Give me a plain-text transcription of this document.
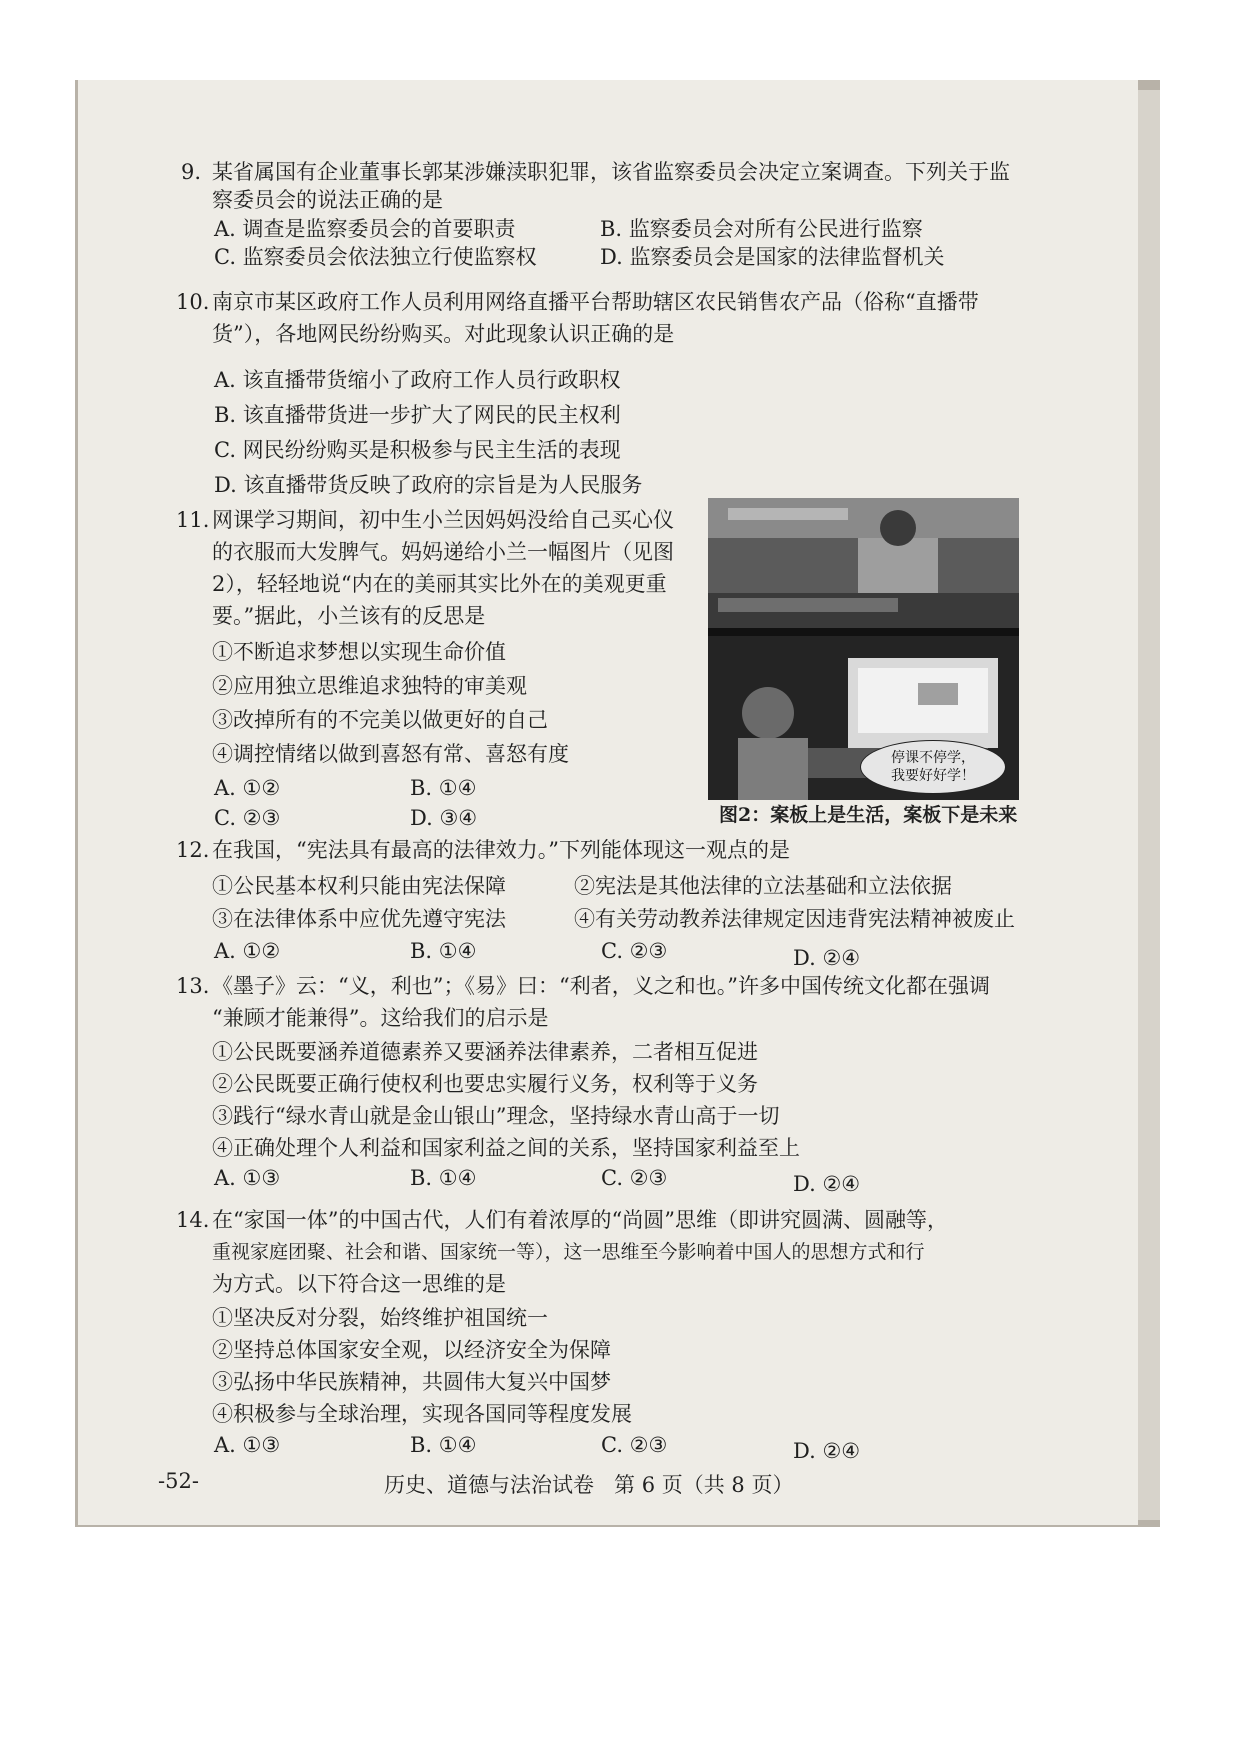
9. 某省属国有企业董事长郭某涉嫌渎职犯罪，该省监察委员会决定立案调查。下列关于监
察委员会的说法正确的是
A. 调查是监察委员会的首要职责	B. 监察委员会对所有公民进行监察
C. 监察委员会依法独立行使监察权	D. 监察委员会是国家的法律监督机关
10. 南京市某区政府工作人员利用网络直播平台帮助辖区农民销售农产品（俗称“直播带
货”），各地网民纷纷购买。对此现象认识正确的是
A. 该直播带货缩小了政府工作人员行政职权
B. 该直播带货进一步扩大了网民的民主权利
C. 网民纷纷购买是积极参与民主生活的表现
D. 该直播带货反映了政府的宗旨是为人民服务
11. 网课学习期间，初中生小兰因妈妈没给自己买心仪
的衣服而大发脾气。妈妈递给小兰一幅图片（见图
2），轻轻地说“内在的美丽其实比外在的美观更重
要。”据此，小兰该有的反思是
①不断追求梦想以实现生命价值
②应用独立思维追求独特的审美观
③改掉所有的不完美以做更好的自己
④调控情绪以做到喜怒有常、喜怒有度
A. ①②	B. ①④
C. ②③	D. ③④
停课不停学，
我要好好学！
图2：案板上是生活，案板下是未来
12. 在我国，“宪法具有最高的法律效力。”下列能体现这一观点的是
①公民基本权利只能由宪法保障	②宪法是其他法律的立法基础和立法依据
③在法律体系中应优先遵守宪法	④有关劳动教养法律规定因违背宪法精神被废止
A. ①②	B. ①④	C. ②③	D. ②④
13. 《墨子》云：“义，利也”；《易》曰：“利者，义之和也。”许多中国传统文化都在强调
“兼顾才能兼得”。这给我们的启示是
①公民既要涵养道德素养又要涵养法律素养，二者相互促进
②公民既要正确行使权利也要忠实履行义务，权利等于义务
③践行“绿水青山就是金山银山”理念，坚持绿水青山高于一切
④正确处理个人利益和国家利益之间的关系，坚持国家利益至上
A. ①③	B. ①④	C. ②③	D. ②④
14. 在“家国一体”的中国古代，人们有着浓厚的“尚圆”思维（即讲究圆满、圆融等，
重视家庭团聚、社会和谐、国家统一等），这一思维至今影响着中国人的思想方式和行
为方式。以下符合这一思维的是
①坚决反对分裂，始终维护祖国统一
②坚持总体国家安全观，以经济安全为保障
③弘扬中华民族精神，共圆伟大复兴中国梦
④积极参与全球治理，实现各国同等程度发展
A. ①③	B. ①④	C. ②③	D. ②④
-52-	历史、道德与法治试卷   第 6 页（共 8 页）
